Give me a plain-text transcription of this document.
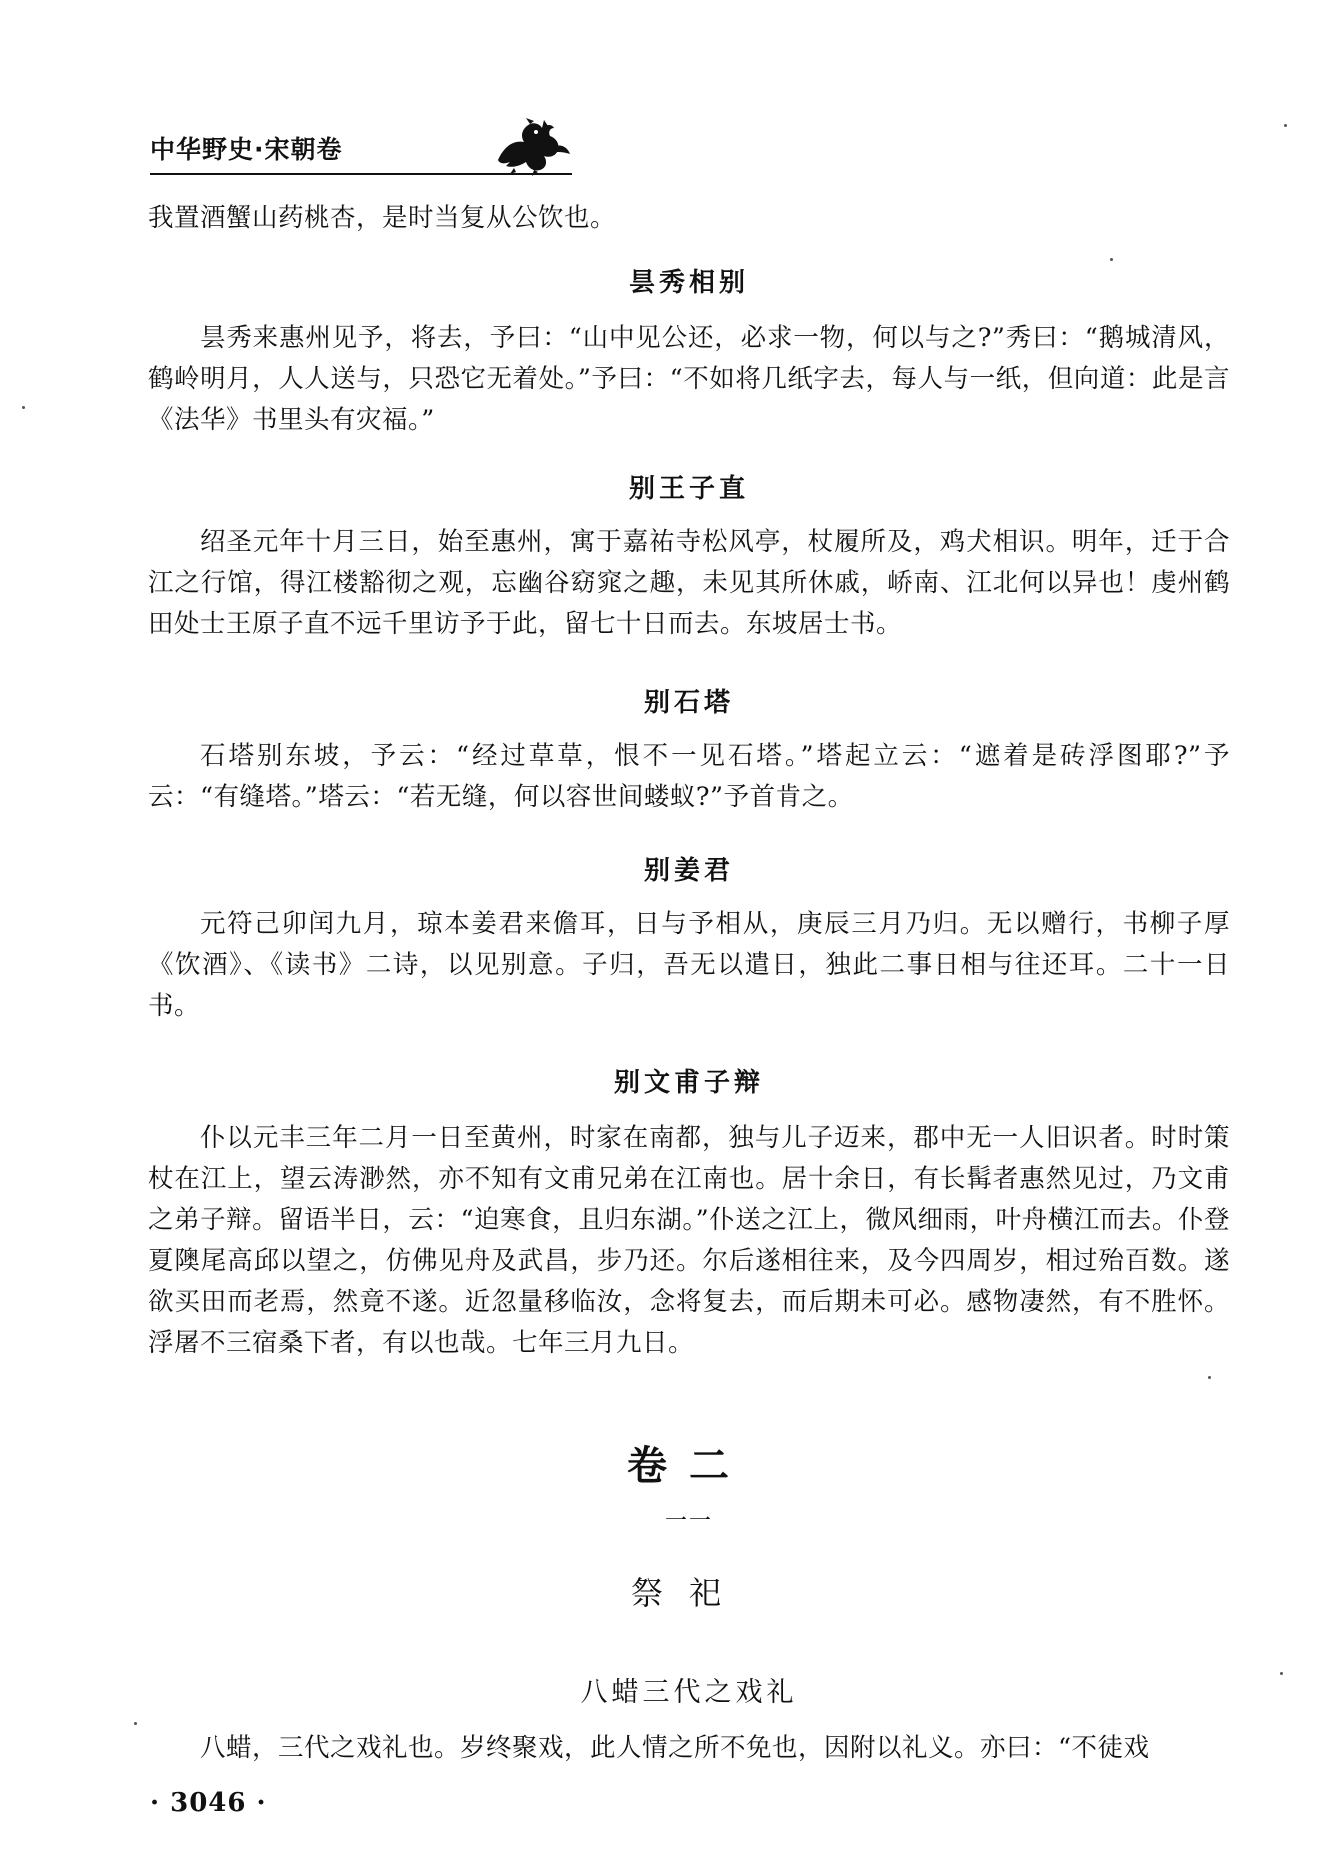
中华野史·宋朝卷
我置酒蟹山药桃杏，是时当复从公饮也。
昙秀相别
昙秀来惠州见予，将去，予曰：“山中见公还，必求一物，何以与之?”秀曰：“鹅城清风，鹤岭明月，人人送与，只恐它无着处。”予曰：“不如将几纸字去，每人与一纸，但向道：此是言《法华》书里头有灾福。”
别王子直
绍圣元年十月三日，始至惠州，寓于嘉祐寺松风亭，杖履所及，鸡犬相识。明年，迁于合江之行馆，得江楼豁彻之观，忘幽谷窈窕之趣，未见其所休戚，峤南、江北何以异也！虔州鹤田处士王原子直不远千里访予于此，留七十日而去。东坡居士书。
别石塔
石塔别东坡，予云：“经过草草，恨不一见石塔。”塔起立云：“遮着是砖浮图耶?”予云：“有缝塔。”塔云：“若无缝，何以容世间蝼蚁?”予首肯之。
别姜君
元符己卯闰九月，琼本姜君来儋耳，日与予相从，庚辰三月乃归。无以赠行，书柳子厚《饮酒》、《读书》二诗，以见别意。子归，吾无以遣日，独此二事日相与往还耳。二十一日书。
别文甫子辩
仆以元丰三年二月一日至黄州，时家在南都，独与儿子迈来，郡中无一人旧识者。时时策杖在江上，望云涛渺然，亦不知有文甫兄弟在江南也。居十余日，有长髯者惠然见过，乃文甫之弟子辩。留语半日，云：“迫寒食，且归东湖。”仆送之江上，微风细雨，叶舟横江而去。仆登夏隩尾高邱以望之，仿佛见舟及武昌，步乃还。尔后遂相往来，及今四周岁，相过殆百数。遂欲买田而老焉，然竟不遂。近忽量移临汝，念将复去，而后期未可必。感物凄然，有不胜怀。浮屠不三宿桑下者，有以也哉。七年三月九日。
卷二
一一
祭祀
八蜡三代之戏礼
八蜡，三代之戏礼也。岁终聚戏，此人情之所不免也，因附以礼义。亦曰：“不徒戏
· 3046 ·
